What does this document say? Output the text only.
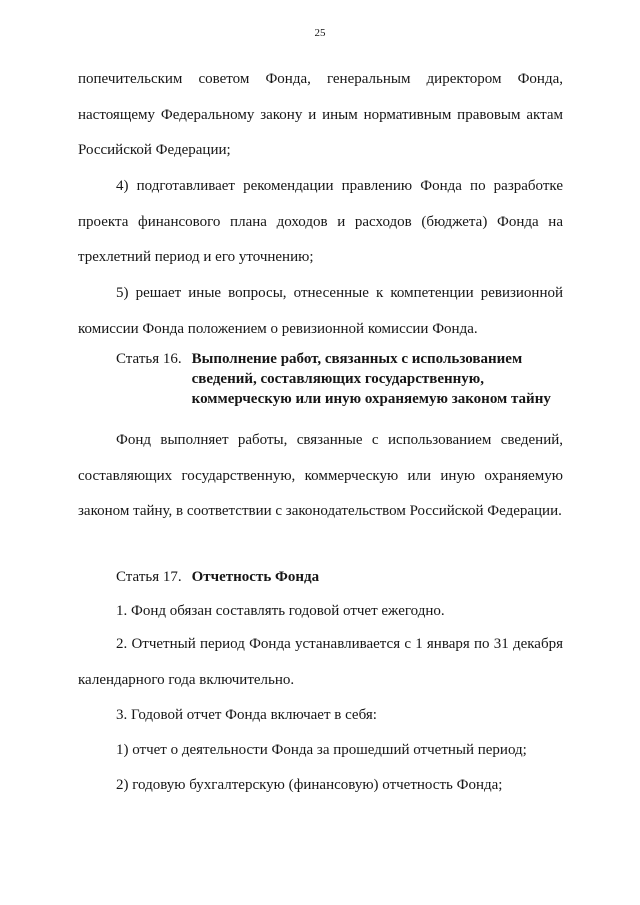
25

попечительским советом Фонда, генеральным директором Фонда, настоящему Федеральному закону и иным нормативным правовым актам Российской Федерации;

4) подготавливает рекомендации правлению Фонда по разработке проекта финансового плана доходов и расходов (бюджета) Фонда на трехлетний период и его уточнению;

5) решает иные вопросы, отнесенные к компетенции ревизионной комиссии Фонда положением о ревизионной комиссии Фонда.

Статья 16. Выполнение работ, связанных с использованием сведений, составляющих государственную, коммерческую или иную охраняемую законом тайну

Фонд выполняет работы, связанные с использованием сведений, составляющих государственную, коммерческую или иную охраняемую законом тайну, в соответствии с законодательством Российской Федерации.

Статья 17. Отчетность Фонда

1. Фонд обязан составлять годовой отчет ежегодно.

2. Отчетный период Фонда устанавливается с 1 января по 31 декабря календарного года включительно.

3. Годовой отчет Фонда включает в себя:

1) отчет о деятельности Фонда за прошедший отчетный период;

2) годовую бухгалтерскую (финансовую) отчетность Фонда;
